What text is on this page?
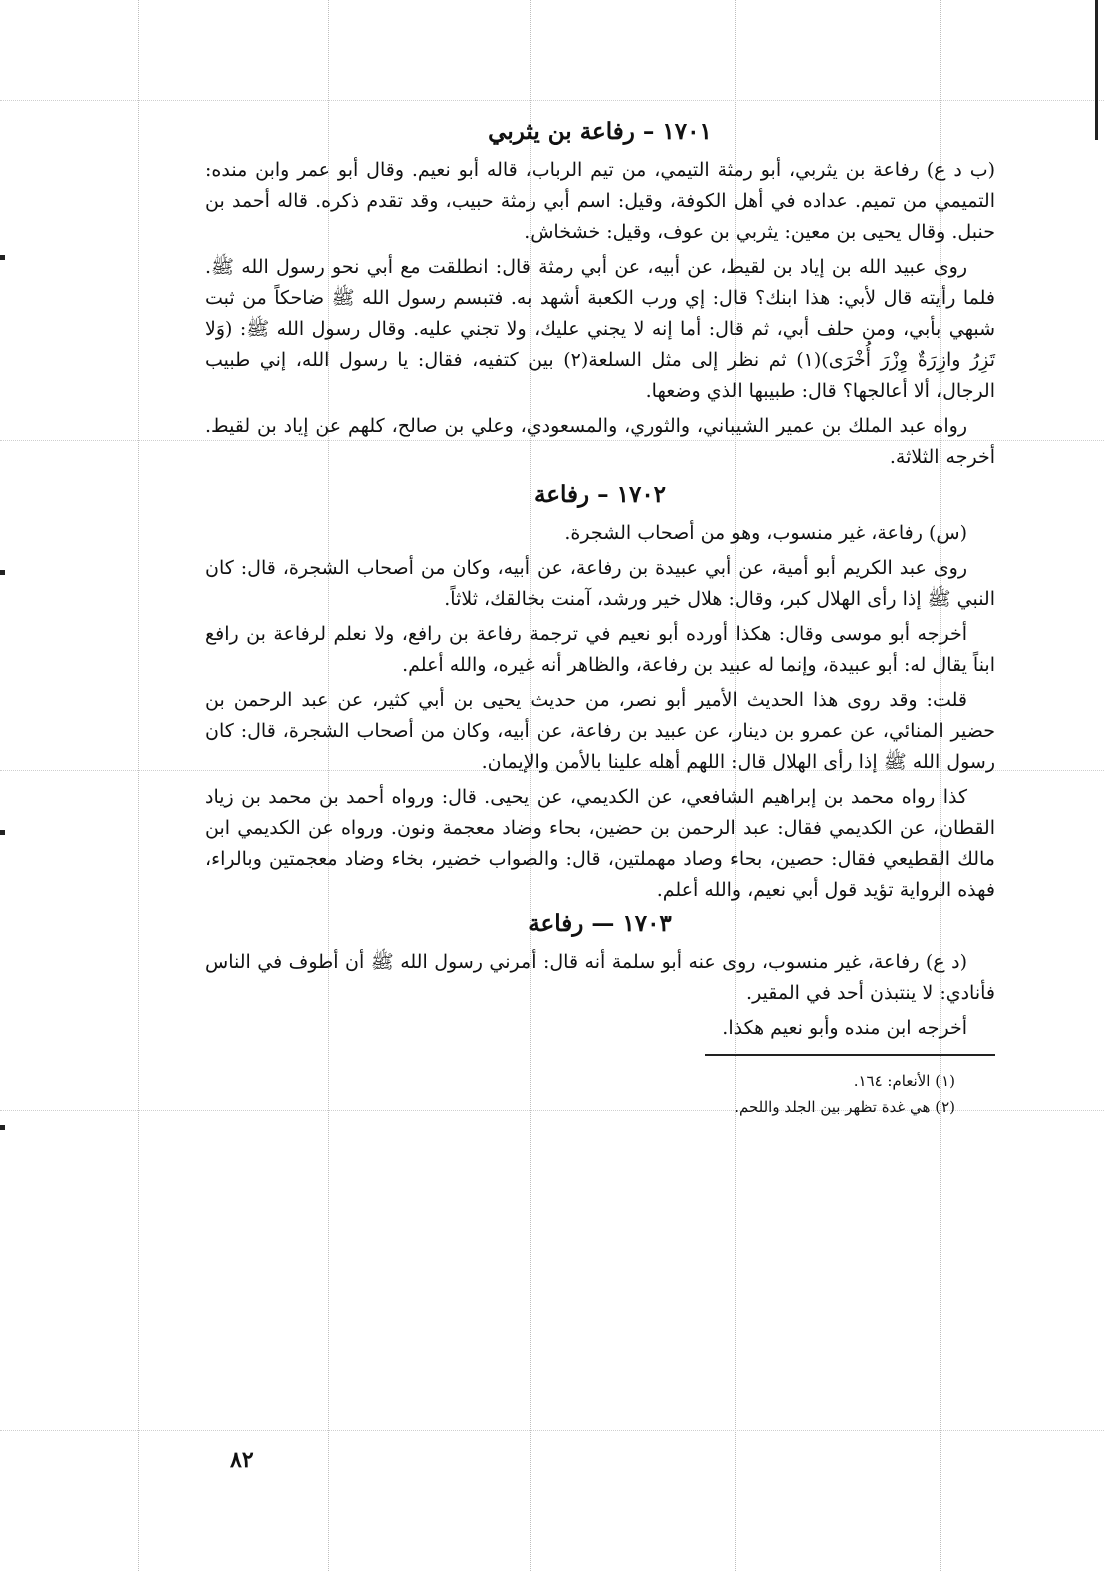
١٧٠١ – رفاعة بن يثربي

(ب د ع) رفاعة بن يثربي، أبو رمثة التيمي، من تيم الرباب، قاله أبو نعيم. وقال أبو عمر وابن منده: التميمي من تميم. عداده في أهل الكوفة، وقيل: اسم أبي رمثة حبيب، وقد تقدم ذكره. قاله أحمد بن حنبل. وقال يحيى بن معين: يثربي بن عوف، وقيل: خشخاش.

روى عبيد الله بن إياد بن لقيط، عن أبيه، عن أبي رمثة قال: انطلقت مع أبي نحو رسول الله ﷺ. فلما رأيته قال لأبي: هذا ابنك؟ قال: إي ورب الكعبة أشهد به. فتبسم رسول الله ﷺ ضاحكاً من ثبت شبهي بأبي، ومن حلف أبي، ثم قال: أما إنه لا يجني عليك، ولا تجني عليه. وقال رسول الله ﷺ: (وَلا تَزِرُ وازِرَةٌ وِزْرَ أُخْرَى)(١) ثم نظر إلى مثل السلعة(٢) بين كتفيه، فقال: يا رسول الله، إني طبيب الرجال، ألا أعالجها؟ قال: طبيبها الذي وضعها.

رواه عبد الملك بن عمير الشيباني، والثوري، والمسعودي، وعلي بن صالح، كلهم عن إياد بن لقيط. أخرجه الثلاثة.

١٧٠٢ – رفاعة

(س) رفاعة، غير منسوب، وهو من أصحاب الشجرة.

روى عبد الكريم أبو أمية، عن أبي عبيدة بن رفاعة، عن أبيه، وكان من أصحاب الشجرة، قال: كان النبي ﷺ إذا رأى الهلال كبر، وقال: هلال خير ورشد، آمنت بخالقك، ثلاثاً.

أخرجه أبو موسى وقال: هكذا أورده أبو نعيم في ترجمة رفاعة بن رافع، ولا نعلم لرفاعة بن رافع ابناً يقال له: أبو عبيدة، وإنما له عبيد بن رفاعة، والظاهر أنه غيره، والله أعلم.

قلت: وقد روى هذا الحديث الأمير أبو نصر، من حديث يحيى بن أبي كثير، عن عبد الرحمن بن حضير المنائي، عن عمرو بن دينار، عن عبيد بن رفاعة، عن أبيه، وكان من أصحاب الشجرة، قال: كان رسول الله ﷺ إذا رأى الهلال قال: اللهم أهله علينا بالأمن والإيمان.

كذا رواه محمد بن إبراهيم الشافعي، عن الكديمي، عن يحيى. قال: ورواه أحمد بن محمد بن زياد القطان، عن الكديمي فقال: عبد الرحمن بن حضين، بحاء وضاد معجمة ونون. ورواه عن الكديمي ابن مالك القطيعي فقال: حصين، بحاء وصاد مهملتين، قال: والصواب خضير، بخاء وضاد معجمتين وبالراء، فهذه الرواية تؤيد قول أبي نعيم، والله أعلم.

١٧٠٣ — رفاعة

(د ع) رفاعة، غير منسوب، روى عنه أبو سلمة أنه قال: أمرني رسول الله ﷺ أن أطوف في الناس فأنادي: لا ينتبذن أحد في المقير.

أخرجه ابن منده وأبو نعيم هكذا.

(١) الأنعام: ١٦٤.

(٢) هي غدة تظهر بين الجلد واللحم.

٨٢
